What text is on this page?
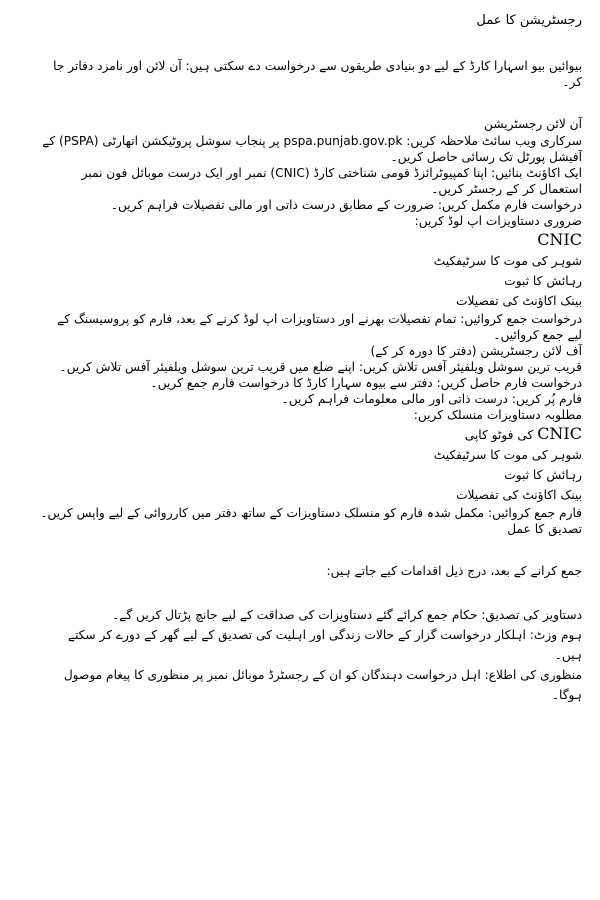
رجسٹریشن کا عمل

بیوائیں بیو اسہارا کارڈ کے لیے دو بنیادی طریقوں سے درخواست دے سکتی ہیں: آن لائن اور نامزد دفاتر جا کر۔

آن لائن رجسٹریشن

سرکاری ویب سائٹ ملاحظہ کریں: pspa.punjab.gov.pk پر پنجاب سوشل پروٹیکشن اتھارٹی (PSPA) کے آفیشل پورٹل تک رسائی حاصل کریں۔

ایک اکاؤنٹ بنائیں: اپنا کمپیوٹرائزڈ قومی شناختی کارڈ (CNIC) نمبر اور ایک درست موبائل فون نمبر استعمال کر کے رجسٹر کریں۔

درخواست فارم مکمل کریں: ضرورت کے مطابق درست ذاتی اور مالی تفصیلات فراہم کریں۔

ضروری دستاویزات اپ لوڈ کریں:

CNIC

شوہر کی موت کا سرٹیفکیٹ

رہائش کا ثبوت

بینک اکاؤنٹ کی تفصیلات

درخواست جمع کروائیں: تمام تفصیلات بھرنے اور دستاویزات اپ لوڈ کرنے کے بعد، فارم کو پروسیسنگ کے لیے جمع کروائیں۔

آف لائن رجسٹریشن (دفتر کا دورہ کر کے)

قریب ترین سوشل ویلفیئر آفس تلاش کریں: اپنے ضلع میں قریب ترین سوشل ویلفیئر آفس تلاش کریں۔

درخواست فارم حاصل کریں: دفتر سے بیوہ سہارا کارڈ کا درخواست فارم جمع کریں۔

فارم پُر کریں: درست ذاتی اور مالی معلومات فراہم کریں۔

مطلوبہ دستاویزات منسلک کریں:

CNIC کی فوٹو کاپی

شوہر کی موت کا سرٹیفکیٹ

رہائش کا ثبوت

بینک اکاؤنٹ کی تفصیلات

فارم جمع کروائیں: مکمل شدہ فارم کو منسلک دستاویزات کے ساتھ دفتر میں کارروائی کے لیے واپس کریں۔

تصدیق کا عمل

جمع کرانے کے بعد، درج ذیل اقدامات کیے جاتے ہیں:

دستاویز کی تصدیق: حکام جمع کرائے گئے دستاویزات کی صداقت کے لیے جانچ پڑتال کریں گے۔

ہوم وزٹ: اہلکار درخواست گزار کے حالات زندگی اور اہلیت کی تصدیق کے لیے گھر کے دورے کر سکتے ہیں۔

منظوری کی اطلاع: اہل درخواست دہندگان کو ان کے رجسٹرڈ موبائل نمبر پر منظوری کا پیغام موصول ہوگا۔
